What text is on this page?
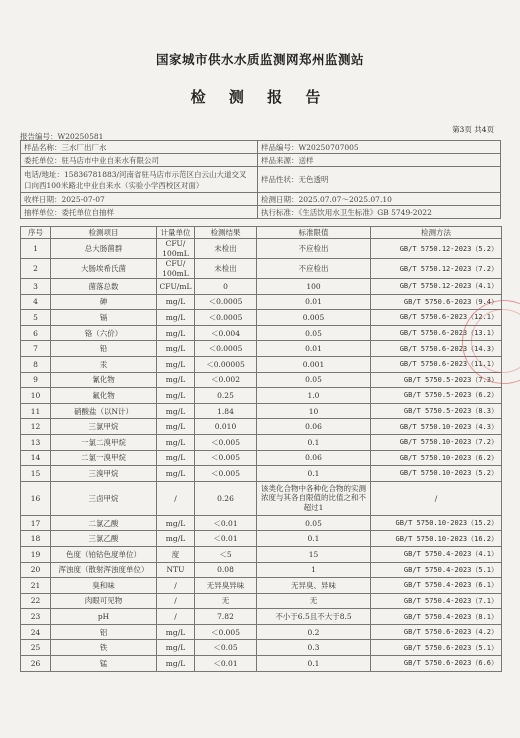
国家城市供水水质监测网郑州监测站
检 测 报 告
第3页 共4页
报告编号：W20250581
样品名称：三水厂出厂水	样品编号：W20250707005
委托单位：驻马店市中业自来水有限公司	样品来源：送样
电话/地址：15836781883/河南省驻马店市示范区白云山大道交叉口向西100米路北中业自来水（实验小学西校区对面）	样品性状：无色透明
收样日期：2025-07-07	检测日期：2025.07.07～2025.07.10
抽样单位：委托单位自抽样	执行标准：《生活饮用水卫生标准》GB 5749-2022
序号	检测项目	计量单位	检测结果	标准限值	检测方法
1	总大肠菌群	CFU/
100mL	未检出	不应检出	GB/T 5750.12-2023（5.2）
2	大肠埃希氏菌	CFU/
100mL	未检出	不应检出	GB/T 5750.12-2023（7.2）
3	菌落总数	CFU/mL	0	100	GB/T 5750.12-2023（4.1）
4	砷	mg/L	＜0.0005	0.01	GB/T 5750.6-2023（9.4）
5	镉	mg/L	＜0.0005	0.005	GB/T 5750.6-2023（12.1）
6	铬（六价）	mg/L	＜0.004	0.05	GB/T 5750.6-2023（13.1）
7	铅	mg/L	＜0.0005	0.01	GB/T 5750.6-2023（14.3）
8	汞	mg/L	＜0.00005	0.001	GB/T 5750.6-2023（11.1）
9	氰化物	mg/L	＜0.002	0.05	GB/T 5750.5-2023（7.3）
10	氟化物	mg/L	0.25	1.0	GB/T 5750.5-2023（6.2）
11	硝酸盐（以N计）	mg/L	1.84	10	GB/T 5750.5-2023（8.3）
12	三氯甲烷	mg/L	0.010	0.06	GB/T 5750.10-2023（4.3）
13	一氯二溴甲烷	mg/L	＜0.005	0.1	GB/T 5750.10-2023（7.2）
14	二氯一溴甲烷	mg/L	＜0.005	0.06	GB/T 5750.10-2023（6.2）
15	三溴甲烷	mg/L	＜0.005	0.1	GB/T 5750.10-2023（5.2）
16	三卤甲烷	/	0.26	该类化合物中各种化合物的实测浓度与其各自限值的比值之和不超过1	/
17	二氯乙酸	mg/L	＜0.01	0.05	GB/T 5750.10-2023（15.2）
18	三氯乙酸	mg/L	＜0.01	0.1	GB/T 5750.10-2023（16.2）
19	色度（铂钴色度单位）	度	＜5	15	GB/T 5750.4-2023（4.1）
20	浑浊度（散射浑浊度单位）	NTU	0.08	1	GB/T 5750.4-2023（5.1）
21	臭和味	/	无异臭异味	无异臭、异味	GB/T 5750.4-2023（6.1）
22	肉眼可见物	/	无	无	GB/T 5750.4-2023（7.1）
23	pH	/	7.82	不小于6.5且不大于8.5	GB/T 5750.4-2023（8.1）
24	铝	mg/L	＜0.005	0.2	GB/T 5750.6-2023（4.2）
25	铁	mg/L	＜0.05	0.3	GB/T 5750.6-2023（5.1）
26	锰	mg/L	＜0.01	0.1	GB/T 5750.6-2023（6.6）
